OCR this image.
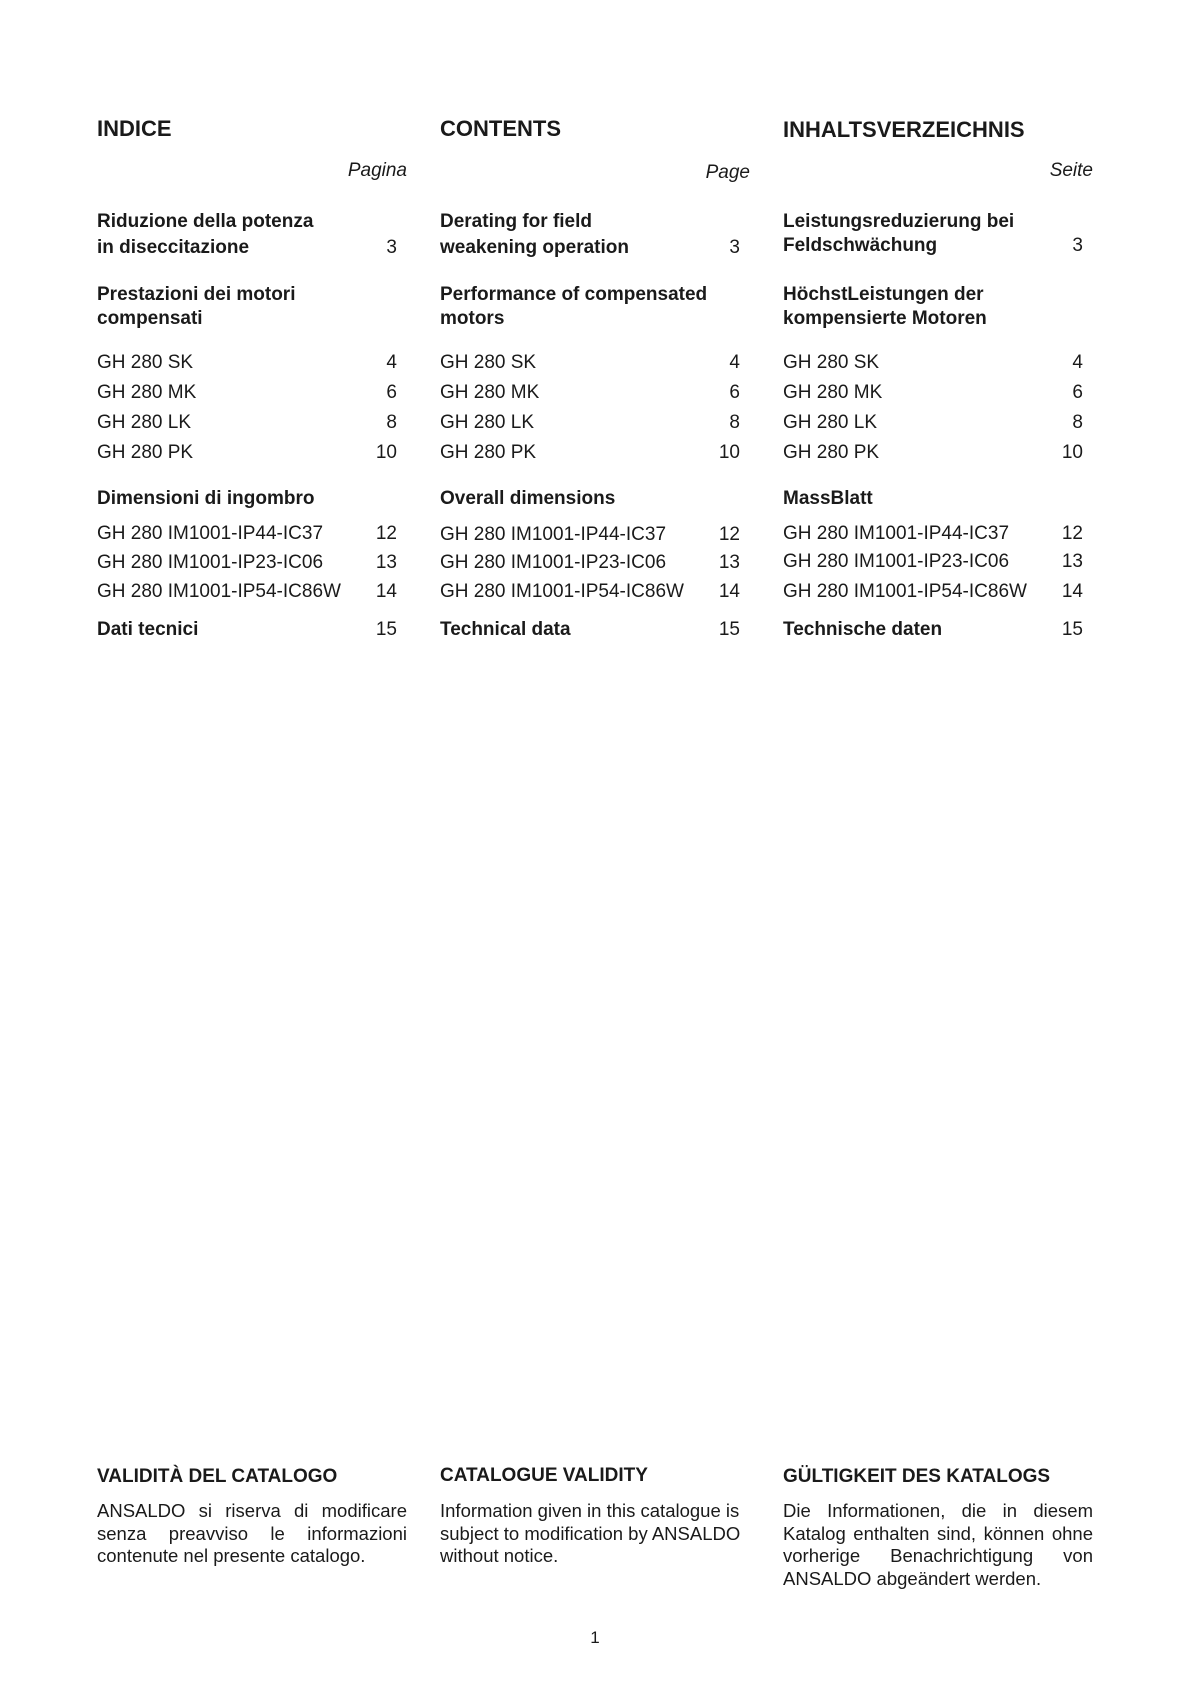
INDICE
Pagina
Riduzione della potenza
in diseccitazione	3
Prestazioni dei motori
compensati
GH 280 SK	4
GH 280 MK	6
GH 280 LK	8
GH 280 PK	10
Dimensioni di ingombro
GH 280 IM1001-IP44-IC37	12
GH 280 IM1001-IP23-IC06	13
GH 280 IM1001-IP54-IC86W 14
Dati tecnici	15
VALIDITÀ DEL CATALOGO

ANSALDO si riserva di modificare senza preavviso le informazioni contenute nel presente catalogo.

CONTENTS
Page
Derating for field
weakening operation	3
Performance of compensated
motors
GH 280 SK	4
GH 280 MK	6
GH 280 LK	8
GH 280 PK	10
Overall dimensions
GH 280 IM1001-IP44-IC37	12
GH 280 IM1001-IP23-IC06	13
GH 280 IM1001-IP54-IC86W 14
Technical data	15
CATALOGUE VALIDITY

Information given in this catalogue is subject to modification by ANSALDO without notice.

INHALTSVERZEICHNIS
Seite
Leistungsreduzierung bei
Feldschwächung	3
HöchstLeistungen der
kompensierte Motoren
GH 280 SK	4
GH 280 MK	6
GH 280 LK	8
GH 280 PK	10
MassBlatt
GH 280 IM1001-IP44-IC37	12
GH 280 IM1001-IP23-IC06	13
GH 280 IM1001-IP54-IC86W 14
Technische daten	15
GÜLTIGKEIT DES KATALOGS

Die Informationen, die in diesem Katalog enthalten sind, können ohne vorherige Benachrichtigung von ANSALDO abgeändert werden.

1
